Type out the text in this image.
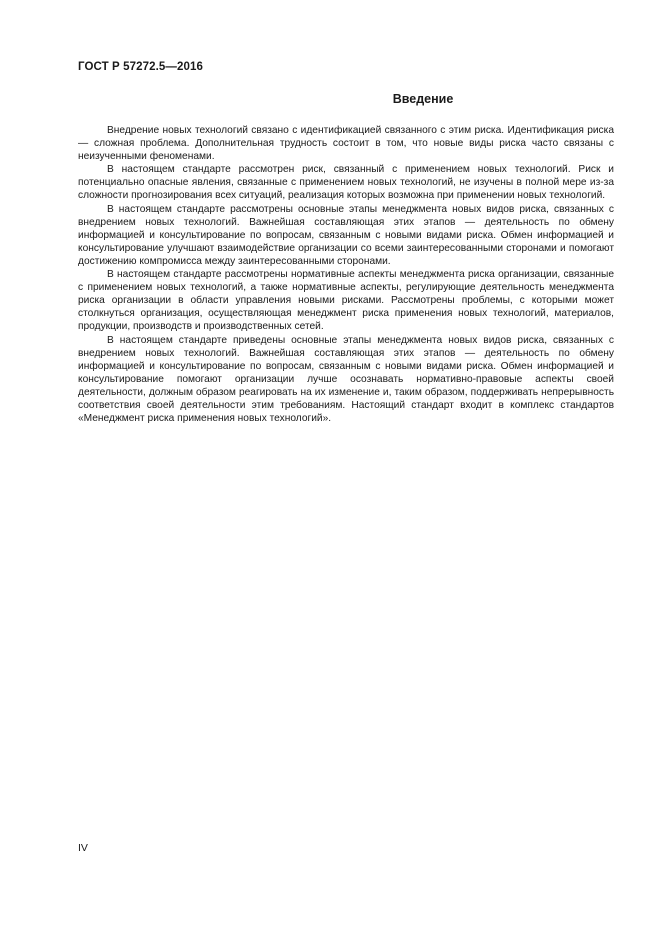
ГОСТ Р 57272.5—2016
Введение

Внедрение новых технологий связано с идентификацией связанного с этим риска. Идентификация риска — сложная проблема. Дополнительная трудность состоит в том, что новые виды риска часто связаны с неизученными феноменами.

В настоящем стандарте рассмотрен риск, связанный с применением новых технологий. Риск и потенциально опасные явления, связанные с применением новых технологий, не изучены в полной мере из-за сложности прогнозирования всех ситуаций, реализация которых возможна при применении новых технологий.

В настоящем стандарте рассмотрены основные этапы менеджмента новых видов риска, связанных с внедрением новых технологий. Важнейшая составляющая этих этапов — деятельность по обмену информацией и консультирование по вопросам, связанным с новыми видами риска. Обмен информацией и консультирование улучшают взаимодействие организации со всеми заинтересованными сторонами и помогают достижению компромисса между заинтересованными сторонами.

В настоящем стандарте рассмотрены нормативные аспекты менеджмента риска организации, связанные с применением новых технологий, а также нормативные аспекты, регулирующие деятельность менеджмента риска организации в области управления новыми рисками. Рассмотрены проблемы, с которыми может столкнуться организация, осуществляющая менеджмент риска применения новых технологий, материалов, продукции, производств и производственных сетей.

В настоящем стандарте приведены основные этапы менеджмента новых видов риска, связанных с внедрением новых технологий. Важнейшая составляющая этих этапов — деятельность по обмену информацией и консультирование по вопросам, связанным с новыми видами риска. Обмен информацией и консультирование помогают организации лучше осознавать нормативно-правовые аспекты своей деятельности, должным образом реагировать на их изменение и, таким образом, поддерживать непрерывность соответствия своей деятельности этим требованиям. Настоящий стандарт входит в комплекс стандартов «Менеджмент риска применения новых технологий».

IV
